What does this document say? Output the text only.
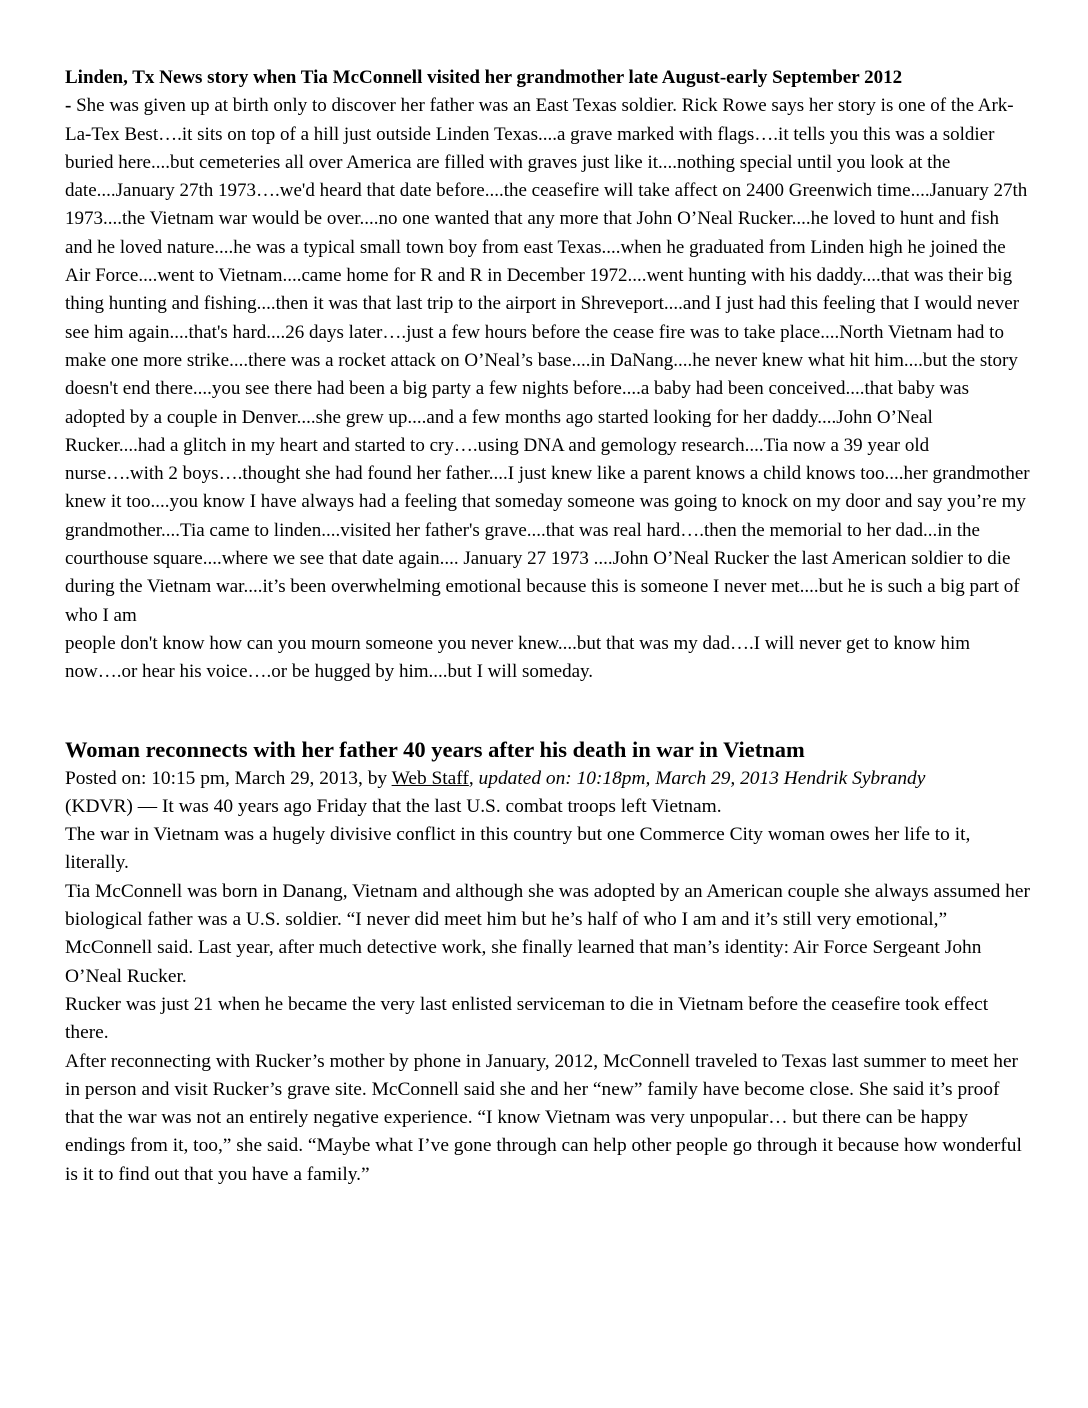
Linden, Tx News story when Tia McConnell visited her grandmother late August-early September 2012
- She was given up at birth only to discover her father was an East Texas soldier. Rick Rowe says her story is one of the Ark-La-Tex Best….it sits on top of a hill just outside Linden Texas....a grave marked with flags….it tells you this was a soldier buried here....but cemeteries all over America are filled with graves just like it....nothing special until you look at the date....January 27th 1973….we'd heard that date before....the ceasefire will take affect on 2400 Greenwich time....January 27th 1973....the Vietnam war would be over....no one wanted that any more that John O’Neal Rucker....he loved to hunt and fish and he loved nature....he was a typical small town boy from east Texas....when he graduated from Linden high he joined the Air Force....went to Vietnam....came home for R and R in December 1972....went hunting with his daddy....that was their big thing hunting and fishing....then it was that last trip to the airport in Shreveport....and I just had this feeling that I would never see him again....that's hard....26 days later….just a few hours before the cease fire was to take place....North Vietnam had to make one more strike....there was a rocket attack on O’Neal’s base....in DaNang....he never knew what hit him....but the story doesn't end there....you see there had been a big party a few nights before....a baby had been conceived....that baby was adopted by a couple in Denver....she grew up....and a few months ago started looking for her daddy....John O’Neal Rucker....had a glitch in my heart and started to cry….using DNA and gemology research....Tia now a 39 year old nurse….with 2 boys….thought she had found her father....I just knew like a parent knows a child knows too....her grandmother knew it too....you know I have always had a feeling that someday someone was going to knock on my door and say you’re my grandmother....Tia came to linden....visited her father's grave....that was real hard….then the memorial to her dad...in the courthouse square....where we see that date again.... January 27 1973 ....John O’Neal Rucker the last American soldier to die during the Vietnam war....it’s been overwhelming emotional because this is someone I never met....but he is such a big part of who I am

people don't know how can you mourn someone you never knew....but that was my dad….I will never get to know him now….or hear his voice….or be hugged by him....but I will someday.

Woman reconnects with her father 40 years after his death in war in Vietnam

Posted on: 10:15 pm, March 29, 2013, by Web Staff, updated on: 10:18pm, March 29, 2013 Hendrik Sybrandy

(KDVR) — It was 40 years ago Friday that the last U.S. combat troops left Vietnam.

The war in Vietnam was a hugely divisive conflict in this country but one Commerce City woman owes her life to it, literally.

Tia McConnell was born in Danang, Vietnam and although she was adopted by an American couple she always assumed her biological father was a U.S. soldier. “I never did meet him but he’s half of who I am and it’s still very emotional,” McConnell said. Last year, after much detective work, she finally learned that man’s identity: Air Force Sergeant John O’Neal Rucker.

Rucker was just 21 when he became the very last enlisted serviceman to die in Vietnam before the ceasefire took effect there.

After reconnecting with Rucker’s mother by phone in January, 2012, McConnell traveled to Texas last summer to meet her in person and visit Rucker’s grave site. McConnell said she and her “new” family have become close. She said it’s proof that the war was not an entirely negative experience. “I know Vietnam was very unpopular… but there can be happy endings from it, too,” she said. “Maybe what I’ve gone through can help other people go through it because how wonderful is it to find out that you have a family.”
